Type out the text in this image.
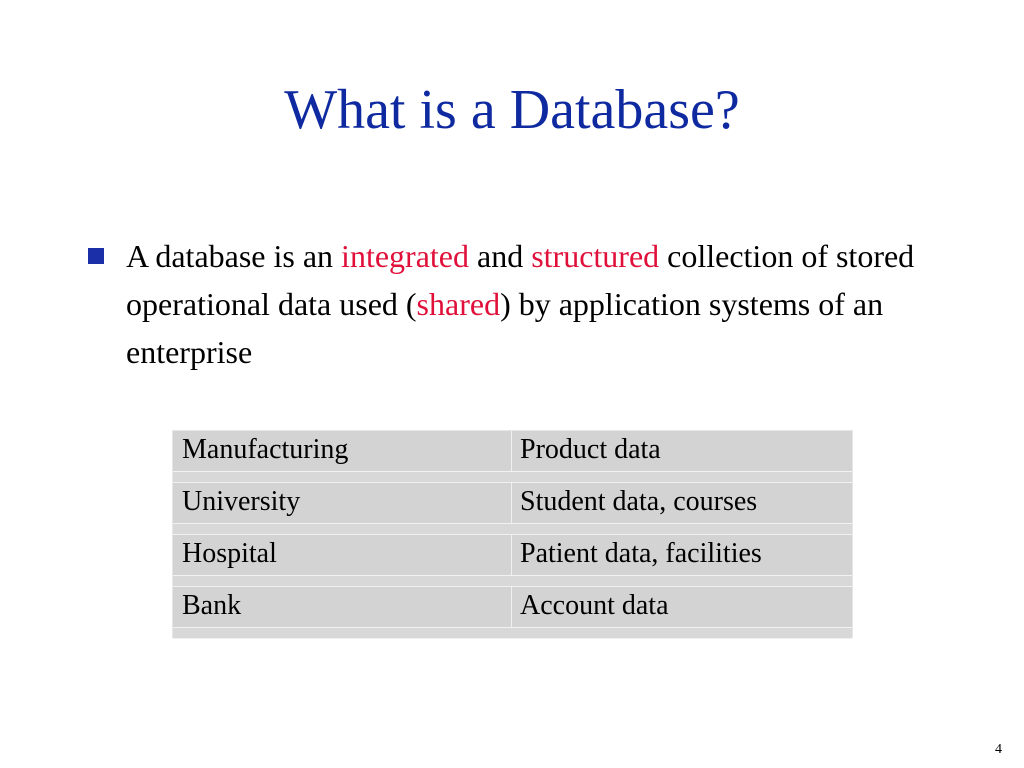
What is a Database?
A database is an integrated and structured collection of stored operational data used (shared) by application systems of an enterprise
Manufacturing	Product data
University	Student data, courses
Hospital	Patient data, facilities
Bank	Account data
4
